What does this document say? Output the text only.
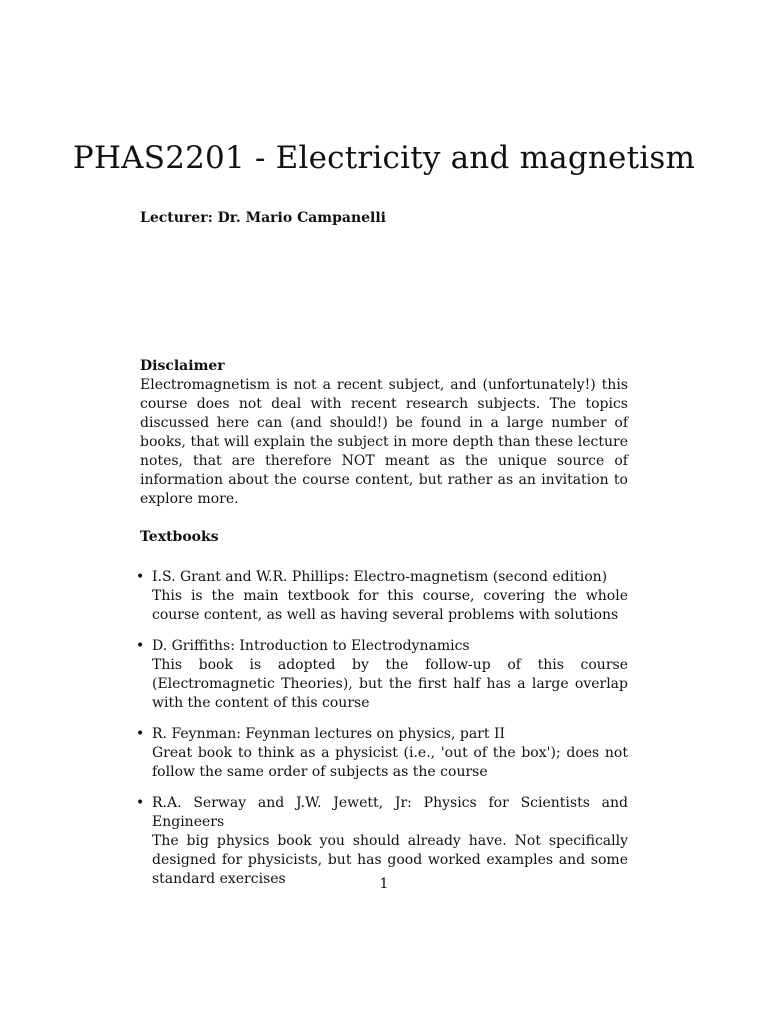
PHAS2201 - Electricity and magnetism
Lecturer: Dr. Mario Campanelli

Disclaimer

Electromagnetism is not a recent subject, and (unfortunately!) this course does not deal with recent research subjects. The topics discussed here can (and should!) be found in a large number of books, that will explain the subject in more depth than these lecture notes, that are therefore NOT meant as the unique source of information about the course content, but rather as an invitation to explore more.

Textbooks

• I.S. Grant and W.R. Phillips: Electro-magnetism (second edition)
This is the main textbook for this course, covering the whole course content, as well as having several problems with solutions
• D. Griffiths: Introduction to Electrodynamics
This book is adopted by the follow-up of this course (Electromagnetic Theories), but the first half has a large overlap with the content of this course
• R. Feynman: Feynman lectures on physics, part II
Great book to think as a physicist (i.e., 'out of the box'); does not follow the same order of subjects as the course
• R.A. Serway and J.W. Jewett, Jr: Physics for Scientists and Engineers
The big physics book you should already have. Not specifically designed for physicists, but has good worked examples and some standard exercises	1
